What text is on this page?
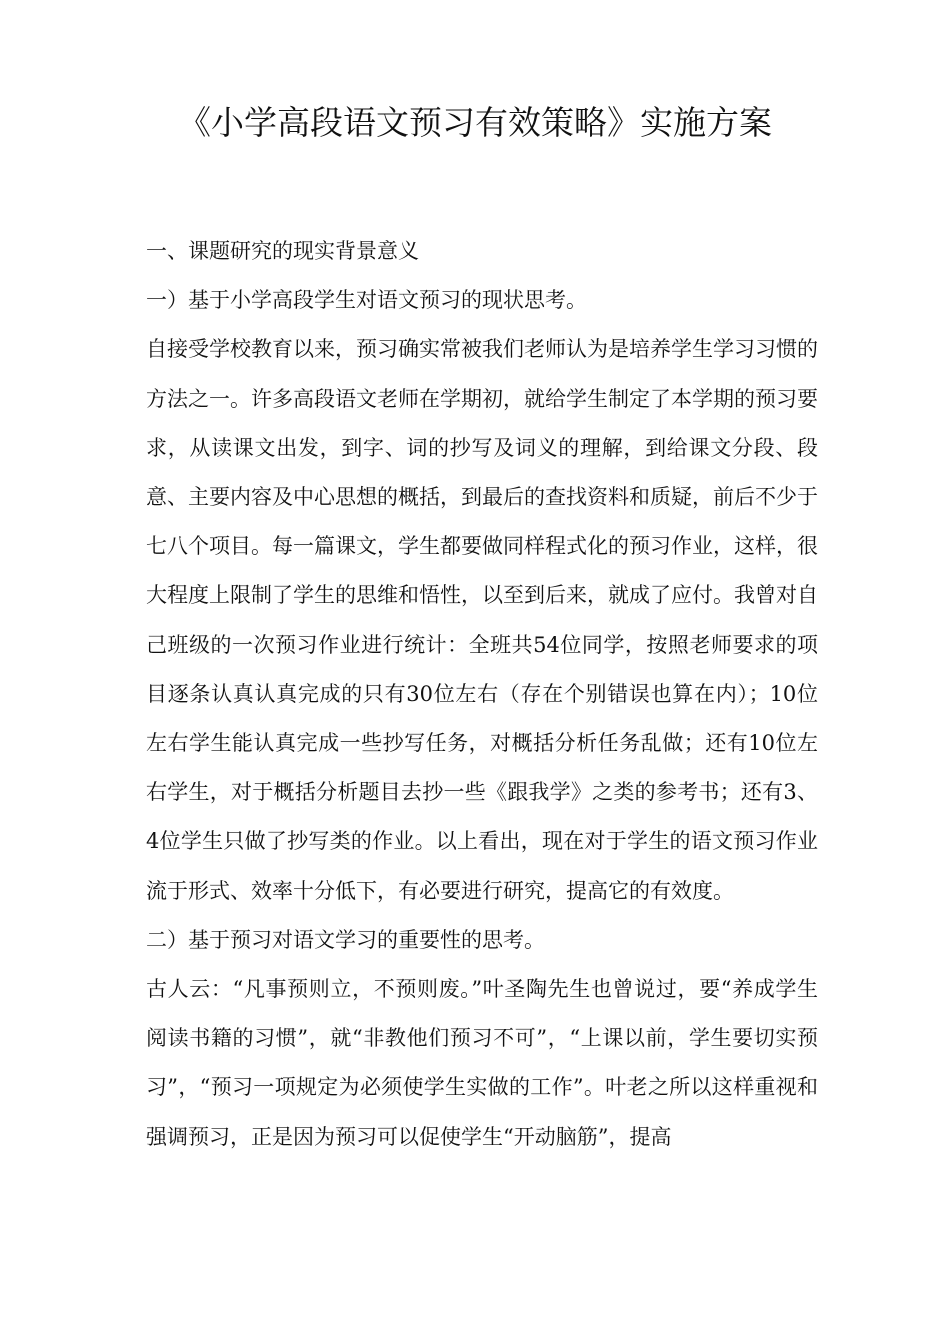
《小学高段语文预习有效策略》实施方案

一、课题研究的现实背景意义

一）基于小学高段学生对语文预习的现状思考。

自接受学校教育以来，预习确实常被我们老师认为是培养学生学习习惯的方法之一。许多高段语文老师在学期初，就给学生制定了本学期的预习要求，从读课文出发，到字、词的抄写及词义的理解，到给课文分段、段意、主要内容及中心思想的概括，到最后的查找资料和质疑，前后不少于七八个项目。每一篇课文，学生都要做同样程式化的预习作业，这样，很大程度上限制了学生的思维和悟性，以至到后来，就成了应付。我曾对自己班级的一次预习作业进行统计：全班共54位同学，按照老师要求的项目逐条认真认真完成的只有30位左右（存在个别错误也算在内）；10位左右学生能认真完成一些抄写任务，对概括分析任务乱做；还有10位左右学生，对于概括分析题目去抄一些《跟我学》之类的参考书；还有3、4位学生只做了抄写类的作业。以上看出，现在对于学生的语文预习作业流于形式、效率十分低下，有必要进行研究，提高它的有效度。

二）基于预习对语文学习的重要性的思考。

古人云：“凡事预则立，不预则废。”叶圣陶先生也曾说过，要“养成学生阅读书籍的习惯”，就“非教他们预习不可”，“上课以前，学生要切实预习”，“预习一项规定为必须使学生实做的工作”。叶老之所以这样重视和强调预习，正是因为预习可以促使学生“开动脑筋”，提高
